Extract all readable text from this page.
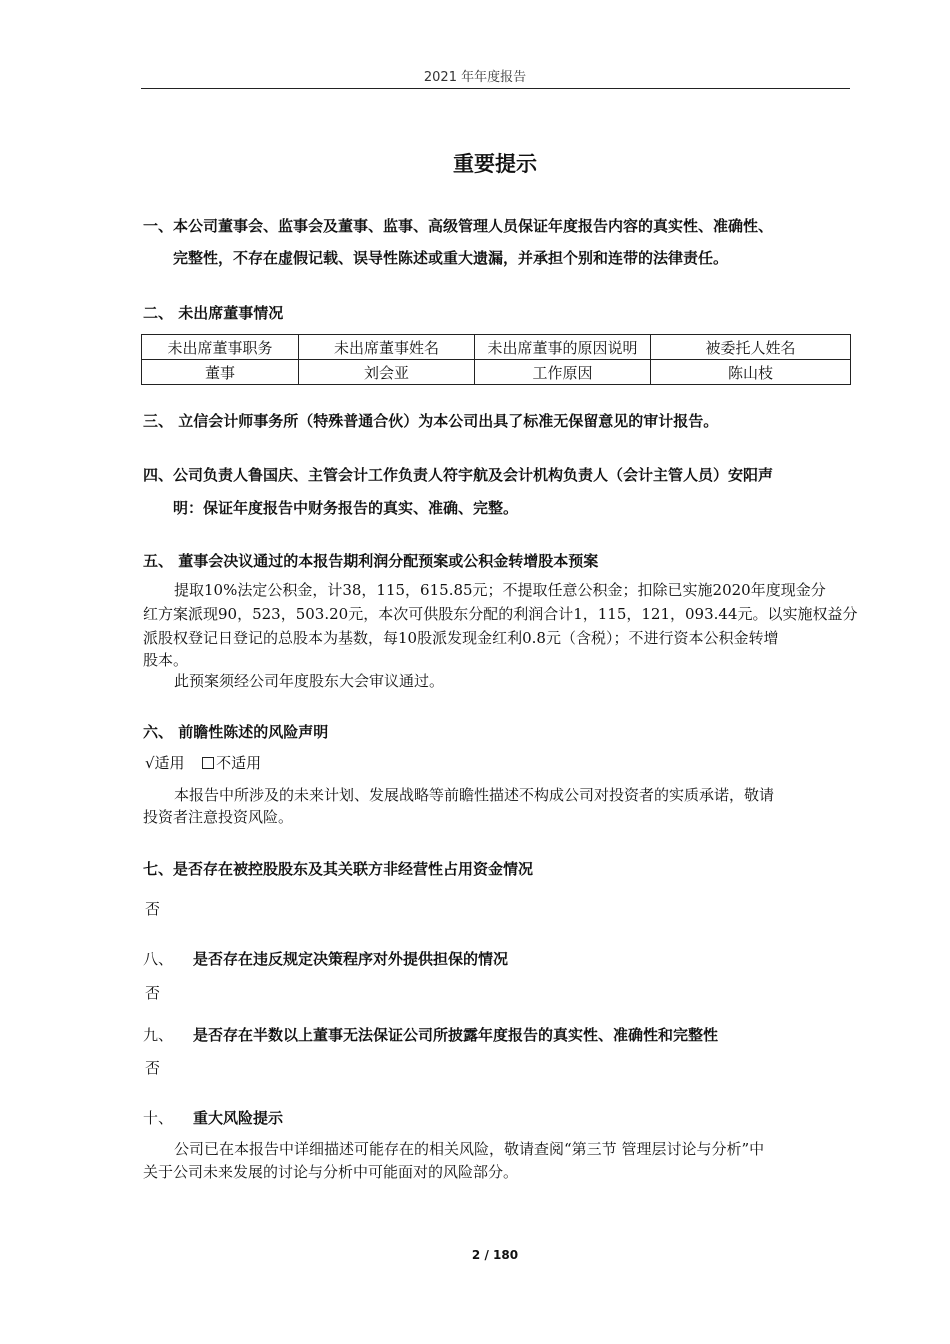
2021 年年度报告
重要提示
一、本公司董事会、监事会及董事、监事、高级管理人员保证年度报告内容的真实性、准确性、
完整性，不存在虚假记载、误导性陈述或重大遗漏，并承担个别和连带的法律责任。
二、 未出席董事情况
未出席董事职务	未出席董事姓名	未出席董事的原因说明	被委托人姓名
董事	刘会亚	工作原因	陈山枝
三、 立信会计师事务所（特殊普通合伙）为本公司出具了标准无保留意见的审计报告。
四、公司负责人鲁国庆、主管会计工作负责人符宇航及会计机构负责人（会计主管人员）安阳声
明：保证年度报告中财务报告的真实、准确、完整。
五、 董事会决议通过的本报告期利润分配预案或公积金转增股本预案
提取10%法定公积金，计38，115，615.85元；不提取任意公积金；扣除已实施2020年度现金分
红方案派现90，523，503.20元，本次可供股东分配的利润合计1，115，121，093.44元。以实施权益分
派股权登记日登记的总股本为基数，每10股派发现金红利0.8元（含税）；不进行资本公积金转增
股本。
此预案须经公司年度股东大会审议通过。
六、 前瞻性陈述的风险声明
√适用 不适用
本报告中所涉及的未来计划、发展战略等前瞻性描述不构成公司对投资者的实质承诺，敬请
投资者注意投资风险。
七、是否存在被控股股东及其关联方非经营性占用资金情况
否
八、 是否存在违反规定决策程序对外提供担保的情况
否
九、 是否存在半数以上董事无法保证公司所披露年度报告的真实性、准确性和完整性
否
十、 重大风险提示
公司已在本报告中详细描述可能存在的相关风险，敬请查阅“第三节 管理层讨论与分析”中
关于公司未来发展的讨论与分析中可能面对的风险部分。
2 / 180
